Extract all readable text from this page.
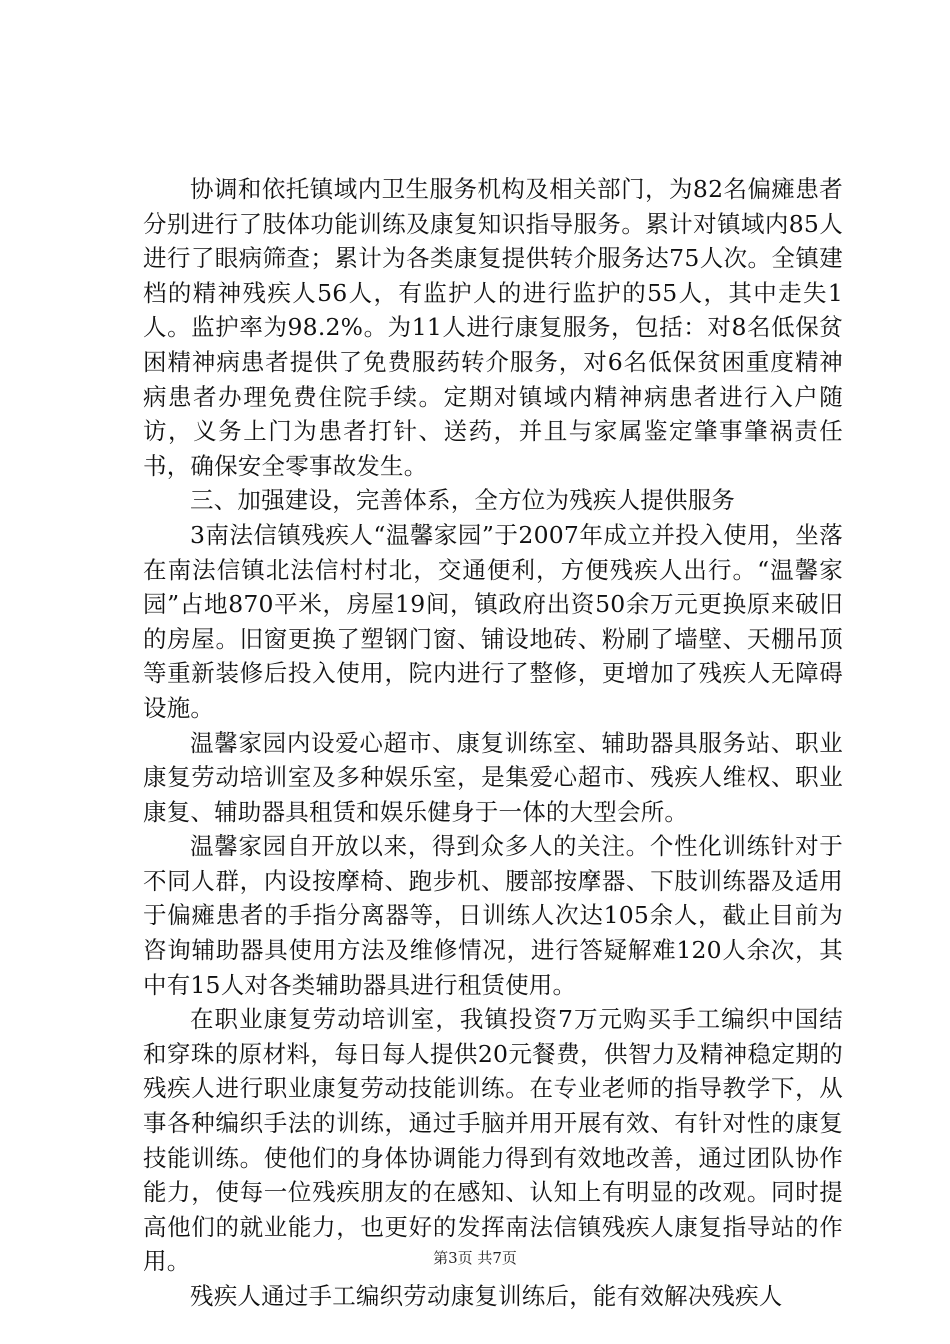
协调和依托镇域内卫生服务机构及相关部门，为82名偏瘫患者分别进行了肢体功能训练及康复知识指导服务。累计对镇域内85人进行了眼病筛查；累计为各类康复提供转介服务达75人次。全镇建档的精神残疾人56人，有监护人的进行监护的55人，其中走失1人。监护率为98.2%。为11人进行康复服务，包括：对8名低保贫困精神病患者提供了免费服药转介服务，对6名低保贫困重度精神病患者办理免费住院手续。定期对镇域内精神病患者进行入户随访，义务上门为患者打针、送药，并且与家属鉴定肇事肇祸责任书，确保安全零事故发生。

三、加强建设，完善体系，全方位为残疾人提供服务

3南法信镇残疾人“温馨家园”于2007年成立并投入使用，坐落在南法信镇北法信村村北，交通便利，方便残疾人出行。“温馨家园”占地870平米，房屋19间，镇政府出资50余万元更换原来破旧的房屋。旧窗更换了塑钢门窗、铺设地砖、粉刷了墙壁、天棚吊顶等重新装修后投入使用，院内进行了整修，更增加了残疾人无障碍设施。

温馨家园内设爱心超市、康复训练室、辅助器具服务站、职业康复劳动培训室及多种娱乐室，是集爱心超市、残疾人维权、职业康复、辅助器具租赁和娱乐健身于一体的大型会所。

温馨家园自开放以来，得到众多人的关注。个性化训练针对于不同人群，内设按摩椅、跑步机、腰部按摩器、下肢训练器及适用于偏瘫患者的手指分离器等，日训练人次达105余人，截止目前为咨询辅助器具使用方法及维修情况，进行答疑解难120人余次，其中有15人对各类辅助器具进行租赁使用。

在职业康复劳动培训室，我镇投资7万元购买手工编织中国结和穿珠的原材料，每日每人提供20元餐费，供智力及精神稳定期的残疾人进行职业康复劳动技能训练。在专业老师的指导教学下，从事各种编织手法的训练，通过手脑并用开展有效、有针对性的康复技能训练。使他们的身体协调能力得到有效地改善，通过团队协作能力，使每一位残疾朋友的在感知、认知上有明显的改观。同时提高他们的就业能力，也更好的发挥南法信镇残疾人康复指导站的作用。

残疾人通过手工编织劳动康复训练后，能有效解决残疾人

第3页 共7页
